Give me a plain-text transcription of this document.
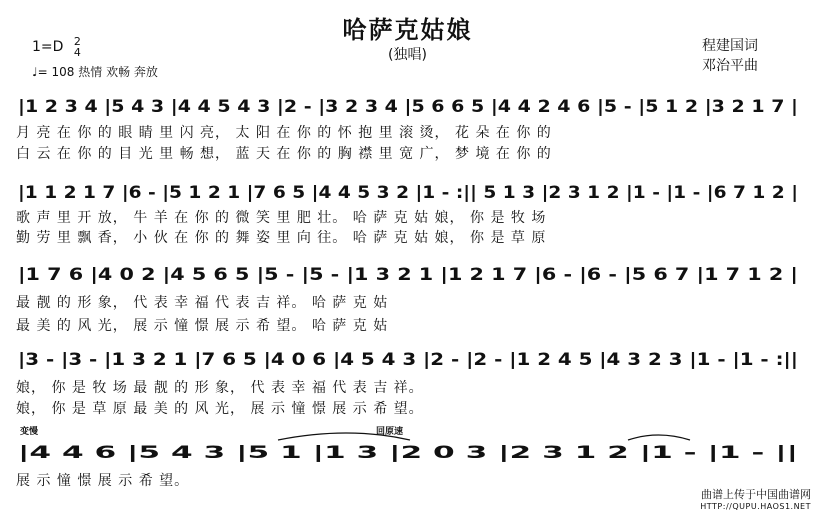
哈萨克姑娘
(独唱)
1=D 2
4
♩= 108 热情 欢畅 奔放
程建国词
邓治平曲
|1 2 3 4 |5 4 3 |4 4 5 4 3 |2 - |3 2 3 4 |5 6 6 5 |4 4 2 4 6 |5 - |5 1 2 |3 2 1 7 |
月 亮 在 你 的 眼 睛 里 闪 亮， 太 阳 在 你 的 怀 抱 里 滚 烫， 花 朵 在 你 的
白 云 在 你 的 目 光 里 畅 想， 蓝 天 在 你 的 胸 襟 里 宽 广， 梦 境 在 你 的
|1 1 2 1 7 |6 - |5 1 2 1 |7 6 5 |4 4 5 3 2 |1 - :|| 5 1 3 |2 3 1 2 |1 - |1 - |6 7 1 2 |
歌 声 里 开 放， 牛 羊 在 你 的 微 笑 里 肥 壮。 哈 萨 克 姑 娘， 你 是 牧 场
勤 劳 里 飘 香， 小 伙 在 你 的 舞 姿 里 向 往。 哈 萨 克 姑 娘， 你 是 草 原
|1 7 6 |4 0 2 |4 5 6 5 |5 - |5 - |1 3 2 1 |1 2 1 7 |6 - |6 - |5 6 7 |1 7 1 2 |
最 靓 的 形 象， 代 表 幸 福 代 表 吉 祥。 哈 萨 克 姑
最 美 的 风 光， 展 示 憧 憬 展 示 希 望。 哈 萨 克 姑
|3 - |3 - |1 3 2 1 |7 6 5 |4 0 6 |4 5 4 3 |2 - |2 - |1 2 4 5 |4 3 2 3 |1 - |1 - :||
娘， 你 是 牧 场 最 靓 的 形 象， 代 表 幸 福 代 表 吉 祥。
娘， 你 是 草 原 最 美 的 风 光， 展 示 憧 憬 展 示 希 望。
变慢	回原速
|4 4 6 |5 4 3 |5 1 |1 3 |2 0 3 |2 3 1 2 |1 - |1 - ||
展 示 憧 憬 展 示 希 望。
曲谱上传于中国曲谱网
HTTP://QUPU.HAOS1.NET
